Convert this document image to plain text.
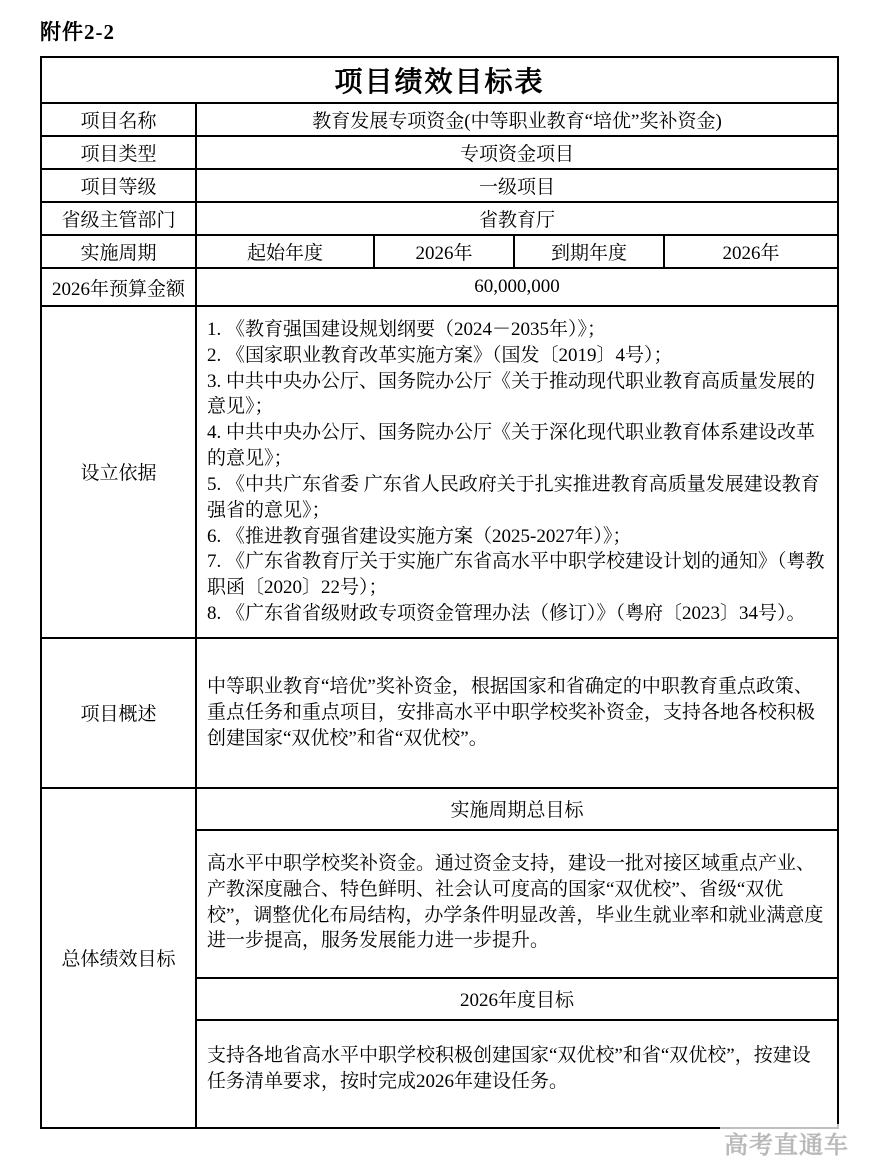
附件2-2
项目绩效目标表				
项目名称	教育发展专项资金(中等职业教育“培优”奖补资金)			
项目类型	专项资金项目			
项目等级	一级项目			
省级主管部门	省教育厅			
实施周期	起始年度	2026年	到期年度	2026年
2026年预算金额	60,000,000			
设立依据	
1. 《教育强国建设规划纲要（2024－2035年）》；
2. 《国家职业教育改革实施方案》（国发〔2019〕4号）；
3. 中共中央办公厅、国务院办公厅《关于推动现代职业教育高质量发展的意见》；
4. 中共中央办公厅、国务院办公厅《关于深化现代职业教育体系建设改革的意见》；
5. 《中共广东省委 广东省人民政府关于扎实推进教育高质量发展建设教育强省的意见》；
6. 《推进教育强省建设实施方案（2025-2027年）》；
7. 《广东省教育厅关于实施广东省高水平中职学校建设计划的通知》（粤教职函〔2020〕22号）；
8. 《广东省省级财政专项资金管理办法（修订）》（粤府〔2023〕34号）。

项目概述	中等职业教育“培优”奖补资金，根据国家和省确定的中职教育重点政策、重点任务和重点项目，安排高水平中职学校奖补资金，支持各地各校积极创建国家“双优校”和省“双优校”。			
总体绩效目标	实施周期总目标			
	高水平中职学校奖补资金。通过资金支持，建设一批对接区域重点产业、产教深度融合、特色鲜明、社会认可度高的国家“双优校”、省级“双优校”，调整优化布局结构，办学条件明显改善，毕业生就业率和就业满意度进一步提高，服务发展能力进一步提升。			
	2026年度目标			
	支持各地省高水平中职学校积极创建国家“双优校”和省“双优校”，按建设任务清单要求，按时完成2026年建设任务。			
高考直通车
